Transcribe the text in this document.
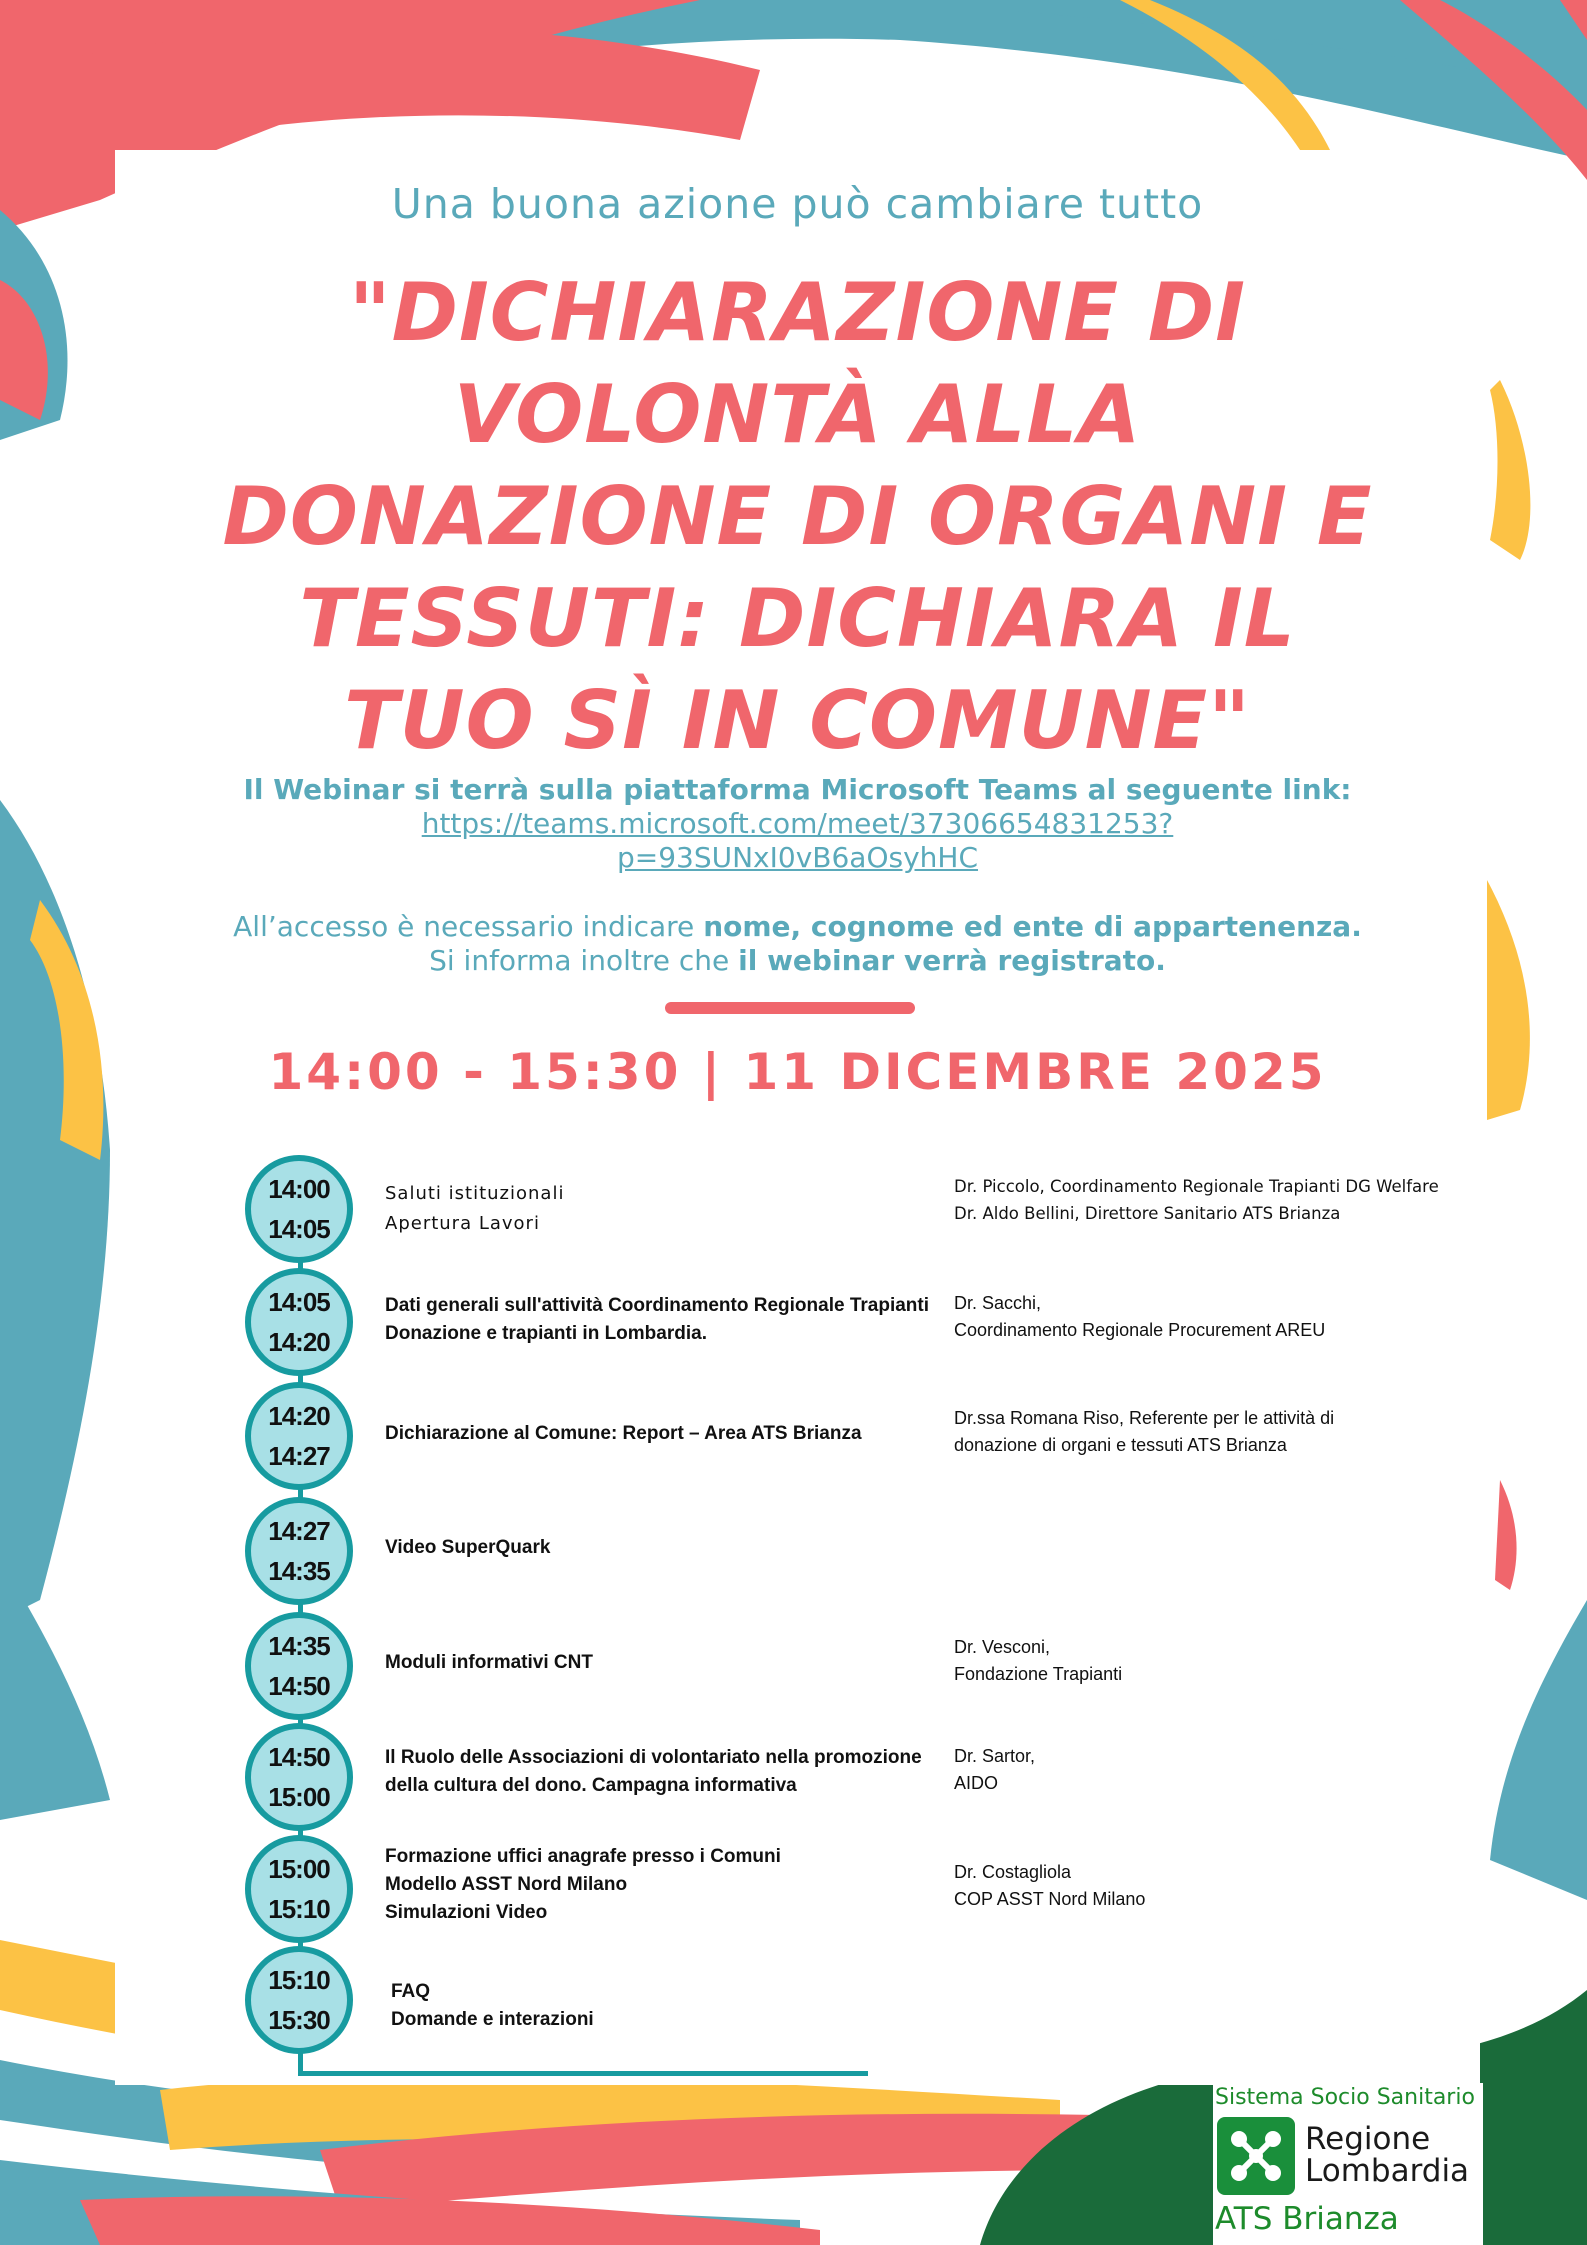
Una buona azione può cambiare tutto
"DICHIARAZIONE DI VOLONTÀ ALLA DONAZIONE DI ORGANI E TESSUTI: DICHIARA IL TUO SÌ IN COMUNE"
Il Webinar si terrà sulla piattaforma Microsoft Teams al seguente link:
https://teams.microsoft.com/meet/37306654831253?
p=93SUNxI0vB6aOsyhHC
All’accesso è necessario indicare nome, cognome ed ente di appartenenza.
Si informa inoltre che il webinar verrà registrato.
14:00 - 15:30 | 11 DICEMBRE 2025
14:00
14:05
Saluti istituzionali
Apertura Lavori
Dr. Piccolo, Coordinamento Regionale Trapianti DG Welfare
Dr. Aldo Bellini, Direttore Sanitario ATS Brianza
14:05
14:20
Dati generali sull'attività Coordinamento Regionale Trapianti
Donazione e trapianti in Lombardia.
Dr. Sacchi,
Coordinamento Regionale Procurement AREU
14:20
14:27
Dichiarazione al Comune: Report – Area ATS Brianza
Dr.ssa Romana Riso, Referente per le attività di
donazione di organi e tessuti ATS Brianza
14:27
14:35
Video SuperQuark
14:35
14:50
Moduli informativi CNT
Dr. Vesconi,
Fondazione Trapianti
14:50
15:00
Il Ruolo delle Associazioni di volontariato nella promozione
della cultura del dono. Campagna informativa
Dr. Sartor,
AIDO
15:00
15:10
Formazione uffici anagrafe presso i Comuni
Modello ASST Nord Milano
Simulazioni Video
Dr. Costagliola
COP ASST Nord Milano
15:10
15:30
FAQ
Domande e interazioni
Sistema Socio Sanitario
Regione
Lombardia
ATS Brianza
